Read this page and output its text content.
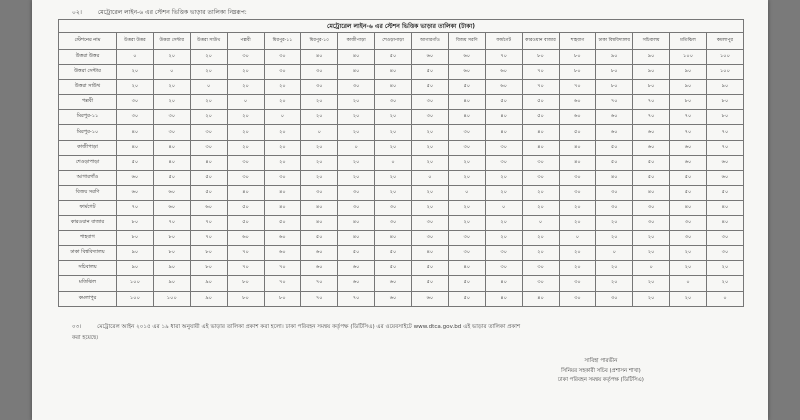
০২।	মেট্রোরেল লাইন-৬ এর স্টেশন ভিত্তিক ভাড়ার তালিকা নিম্নরূপ:
মেট্রোরেল লাইন-৬ এর স্টেশন ভিত্তিক ভাড়ার তালিকা (টাকা)																	
স্টেশনের নাম	উত্তরা উত্তর	উত্তরা সেন্টার	উত্তরা সাউথ	পল্লবী	মিরপুর-১১	মিরপুর-১০	কাজীপাড়া	শেওড়াপাড়া	আগারগাঁও	বিজয় সরণি	ফার্মগেট	কারওয়ান বাজার	শাহবাগ	ঢাকা বিশ্ববিদ্যালয়	সচিবালয়	মতিঝিল	কমলাপুর
উত্তরা উত্তর	০	২০	২০	৩০	৩০	৪০	৪০	৫০	৬০	৬০	৭০	৮০	৮০	৯০	৯০	১০০	১০০
উত্তরা সেন্টার	২০	০	২০	২০	৩০	৩০	৪০	৪০	৫০	৬০	৬০	৭০	৮০	৮০	৯০	৯০	১০০
উত্তরা সাউথ	২০	২০	০	২০	২০	৩০	৩০	৪০	৫০	৫০	৬০	৭০	৭০	৮০	৮০	৯০	৯০
পল্লবী	৩০	২০	২০	০	২০	২০	২০	৩০	৩০	৪০	৫০	৫০	৬০	৭০	৭০	৮০	৮০
মিরপুর-১১	৩০	৩০	২০	২০	০	২০	২০	২০	৩০	৪০	৪০	৫০	৬০	৬০	৭০	৭০	৮০
মিরপুর-১০	৪০	৩০	৩০	২০	২০	০	২০	২০	২০	৩০	৪০	৪০	৫০	৬০	৬০	৭০	৭০
কাজীপাড়া	৪০	৪০	৩০	২০	২০	২০	০	২০	২০	৩০	৩০	৪০	৪০	৫০	৬০	৬০	৭০
শেওড়াপাড়া	৫০	৪০	৪০	৩০	২০	২০	২০	০	২০	২০	৩০	৩০	৪০	৫০	৫০	৬০	৬০
আগারগাঁও	৬০	৫০	৫০	৩০	৩০	২০	২০	২০	০	২০	২০	৩০	৩০	৪০	৫০	৫০	৬০
বিজয় সরণি	৬০	৬০	৫০	৪০	৪০	৩০	৩০	২০	২০	০	২০	২০	৩০	৩০	৪০	৫০	৫০
ফার্মগেট	৭০	৬০	৬০	৫০	৪০	৪০	৩০	৩০	২০	২০	০	২০	২০	৩০	৩০	৪০	৪০
কারওয়ান বাজার	৮০	৭০	৭০	৫০	৫০	৪০	৪০	৩০	৩০	২০	২০	০	২০	২০	৩০	৩০	৪০
শাহবাগ	৮০	৮০	৭০	৬০	৬০	৫০	৪০	৪০	৩০	৩০	২০	২০	০	২০	২০	৩০	৩০
ঢাকা বিশ্ববিদ্যালয়	৯০	৮০	৮০	৭০	৬০	৬০	৫০	৫০	৪০	৩০	৩০	২০	২০	০	২০	২০	৩০
সচিবালয়	৯০	৯০	৮০	৭০	৭০	৬০	৬০	৫০	৫০	৪০	৩০	৩০	২০	২০	০	২০	২০
মতিঝিল	১০০	৯০	৯০	৮০	৭০	৭০	৬০	৬০	৫০	৫০	৪০	৩০	৩০	২০	২০	০	২০
কমলাপুর	১০০	১০০	৯০	৮০	৮০	৭০	৭০	৬০	৬০	৫০	৪০	৪০	৩০	৩০	২০	২০	০
০৩।	মেট্রোরেল আইন ২০১৫ এর ১৯ ধারা অনুযায়ী এই ভাড়ার তালিকা প্রকাশ করা হলো। ঢাকা পরিবহন সমন্বয় কর্তৃপক্ষ (ডিটিসিএ) এর ওয়েবসাইটে www.dtca.gov.bd এই ভাড়ার তালিকা প্রকাশ
করা হয়েছে।
সাবিহা পারভীন
সিনিয়র সহকারী সচিব (প্রশাসন শাখা)
ঢাকা পরিবহন সমন্বয় কর্তৃপক্ষ (ডিটিসিএ)
